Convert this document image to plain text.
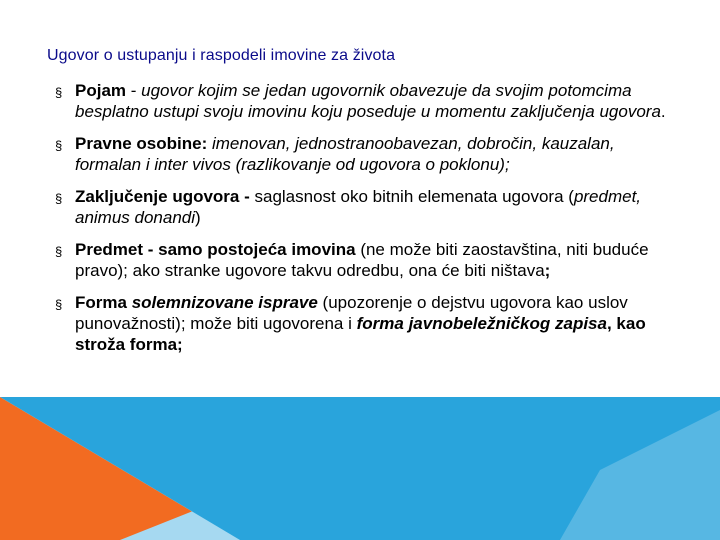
Ugovor o ustupanju i raspodeli imovine za života
§ Pojam - ugovor kojim se jedan ugovornik obavezuje da svojim potomcima besplatno ustupi svoju imovinu koju poseduje u momentu zaključenja ugovora.
§ Pravne osobine: imenovan, jednostranoobavezan, dobročin, kauzalan, formalan i inter vivos (razlikovanje od ugovora o poklonu);
§ Zaključenje ugovora - saglasnost oko bitnih elemenata ugovora (predmet, animus donandi)
§ Predmet - samo postojeća imovina (ne može biti zaostavština, niti buduće pravo); ako stranke ugovore takvu odredbu, ona će biti ništava;
§ Forma solemnizovane isprave (upozorenje o dejstvu ugovora kao uslov punovažnosti); može biti ugovorena i forma javnobeležničkog zapisa, kao stroža forma;
